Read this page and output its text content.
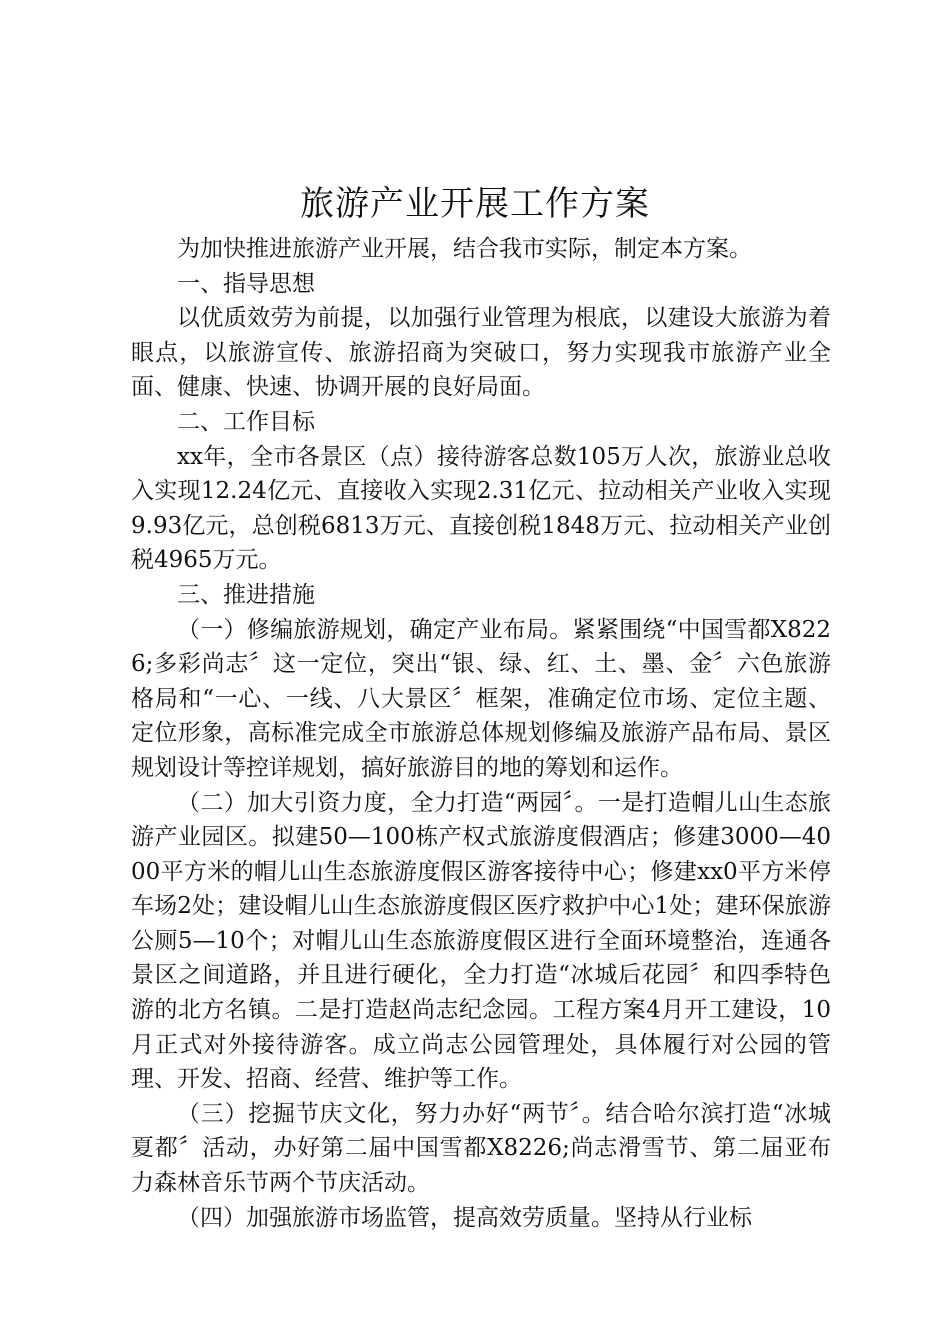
旅游产业开展工作方案

为加快推进旅游产业开展，结合我市实际，制定本方案。

一、指导思想

以优质效劳为前提，以加强行业管理为根底，以建设大旅游为着眼点，以旅游宣传、旅游招商为突破口，努力实现我市旅游产业全面、健康、快速、协调开展的良好局面。

二、工作目标

xx年，全市各景区（点）接待游客总数105万人次，旅游业总收入实现12.24亿元、直接收入实现2.31亿元、拉动相关产业收入实现9.93亿元，总创税6813万元、直接创税1848万元、拉动相关产业创税4965万元。

三、推进措施

（一）修编旅游规划，确定产业布局。紧紧围绕“中国雪都X8226;多彩尚志〞这一定位，突出“银、绿、红、土、墨、金〞六色旅游格局和“一心、一线、八大景区〞框架，准确定位市场、定位主题、定位形象，高标准完成全市旅游总体规划修编及旅游产品布局、景区规划设计等控详规划，搞好旅游目的地的筹划和运作。

（二）加大引资力度，全力打造“两园〞。一是打造帽儿山生态旅游产业园区。拟建50—100栋产权式旅游度假酒店；修建3000—4000平方米的帽儿山生态旅游度假区游客接待中心；修建xx0平方米停车场2处；建设帽儿山生态旅游度假区医疗救护中心1处；建环保旅游公厕5—10个；对帽儿山生态旅游度假区进行全面环境整治，连通各景区之间道路，并且进行硬化，全力打造“冰城后花园〞和四季特色游的北方名镇。二是打造赵尚志纪念园。工程方案4月开工建设，10月正式对外接待游客。成立尚志公园管理处，具体履行对公园的管理、开发、招商、经营、维护等工作。

（三）挖掘节庆文化，努力办好“两节〞。结合哈尔滨打造“冰城夏都〞活动，办好第二届中国雪都X8226;尚志滑雪节、第二届亚布力森林音乐节两个节庆活动。

（四）加强旅游市场监管，提高效劳质量。坚持从行业标
